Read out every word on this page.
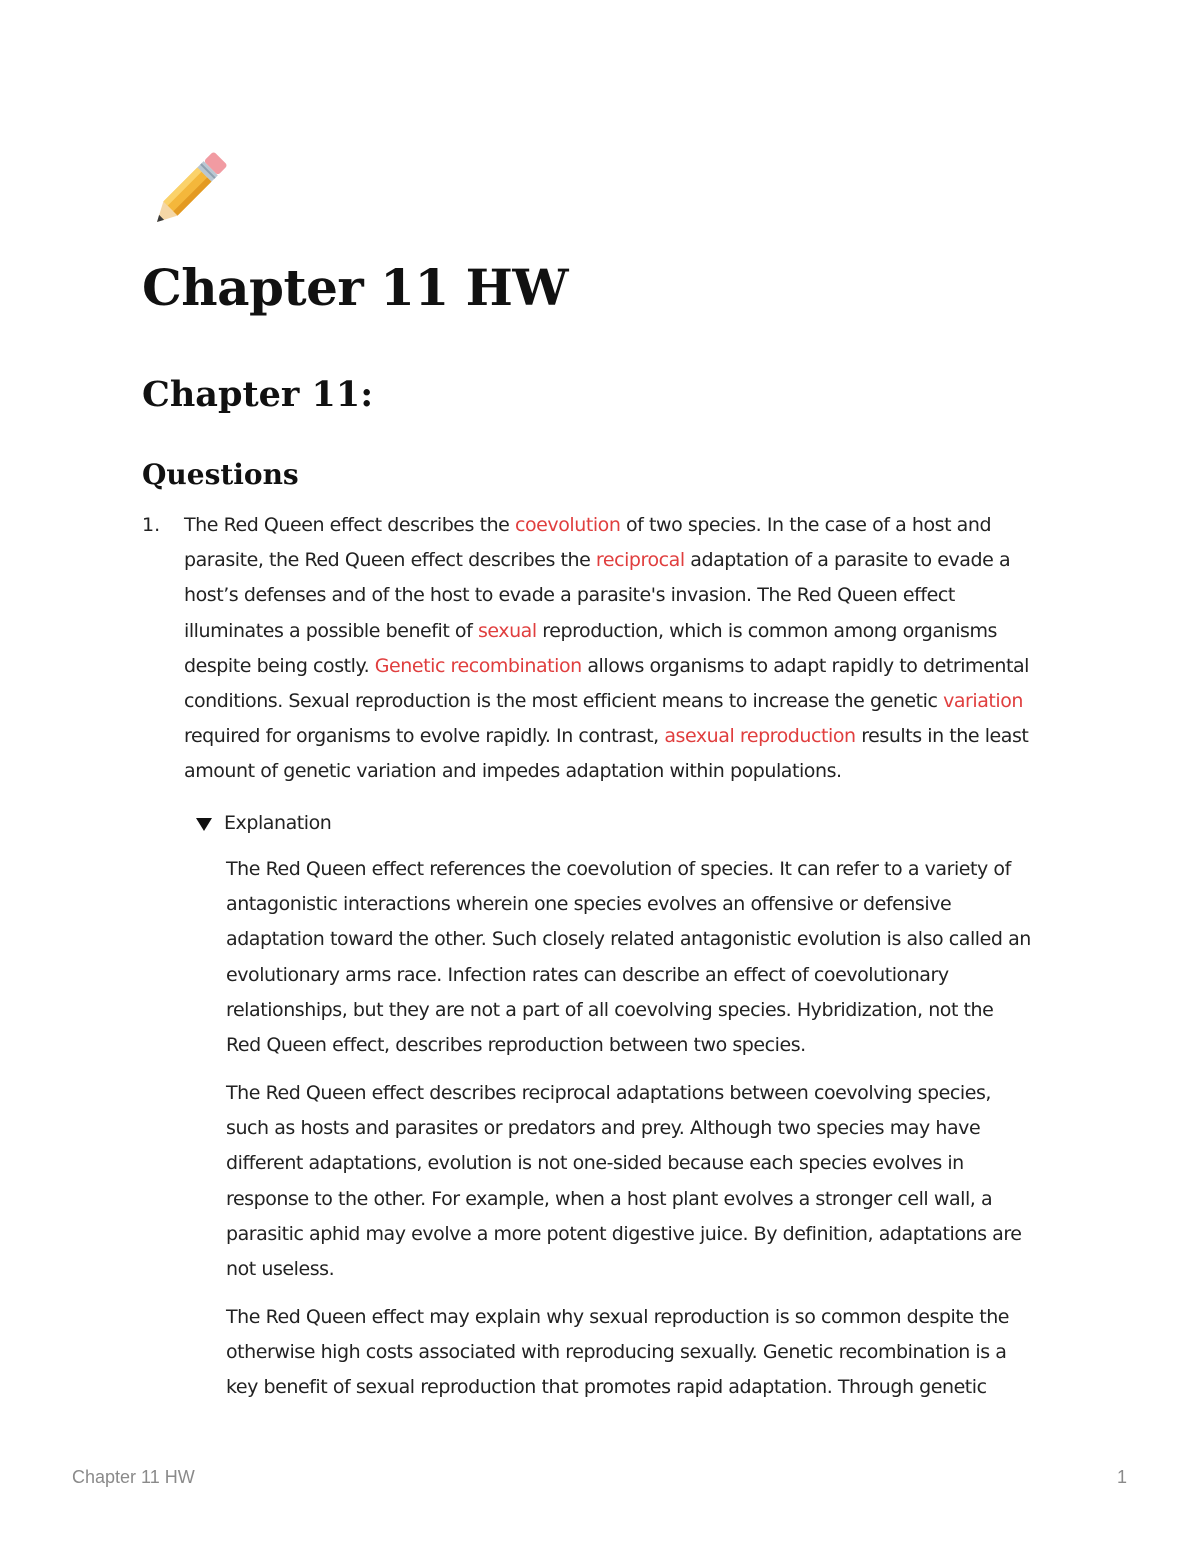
Chapter 11 HW
Chapter 11:
Questions
1. The Red Queen effect describes the coevolution of two species. In the case of a host and
parasite, the Red Queen effect describes the reciprocal adaptation of a parasite to evade a
host’s defenses and of the host to evade a parasite's invasion. The Red Queen effect
illuminates a possible benefit of sexual reproduction, which is common among organisms
despite being costly. Genetic recombination allows organisms to adapt rapidly to detrimental
conditions. Sexual reproduction is the most efficient means to increase the genetic variation
required for organisms to evolve rapidly. In contrast, asexual reproduction results in the least
amount of genetic variation and impedes adaptation within populations.
Explanation
The Red Queen effect references the coevolution of species. It can refer to a variety of
antagonistic interactions wherein one species evolves an offensive or defensive
adaptation toward the other. Such closely related antagonistic evolution is also called an
evolutionary arms race. Infection rates can describe an effect of coevolutionary
relationships, but they are not a part of all coevolving species. Hybridization, not the
Red Queen effect, describes reproduction between two species.
The Red Queen effect describes reciprocal adaptations between coevolving species,
such as hosts and parasites or predators and prey. Although two species may have
different adaptations, evolution is not one-sided because each species evolves in
response to the other. For example, when a host plant evolves a stronger cell wall, a
parasitic aphid may evolve a more potent digestive juice. By definition, adaptations are
not useless.
The Red Queen effect may explain why sexual reproduction is so common despite the
otherwise high costs associated with reproducing sexually. Genetic recombination is a
key benefit of sexual reproduction that promotes rapid adaptation. Through genetic
Chapter 11 HW	1
